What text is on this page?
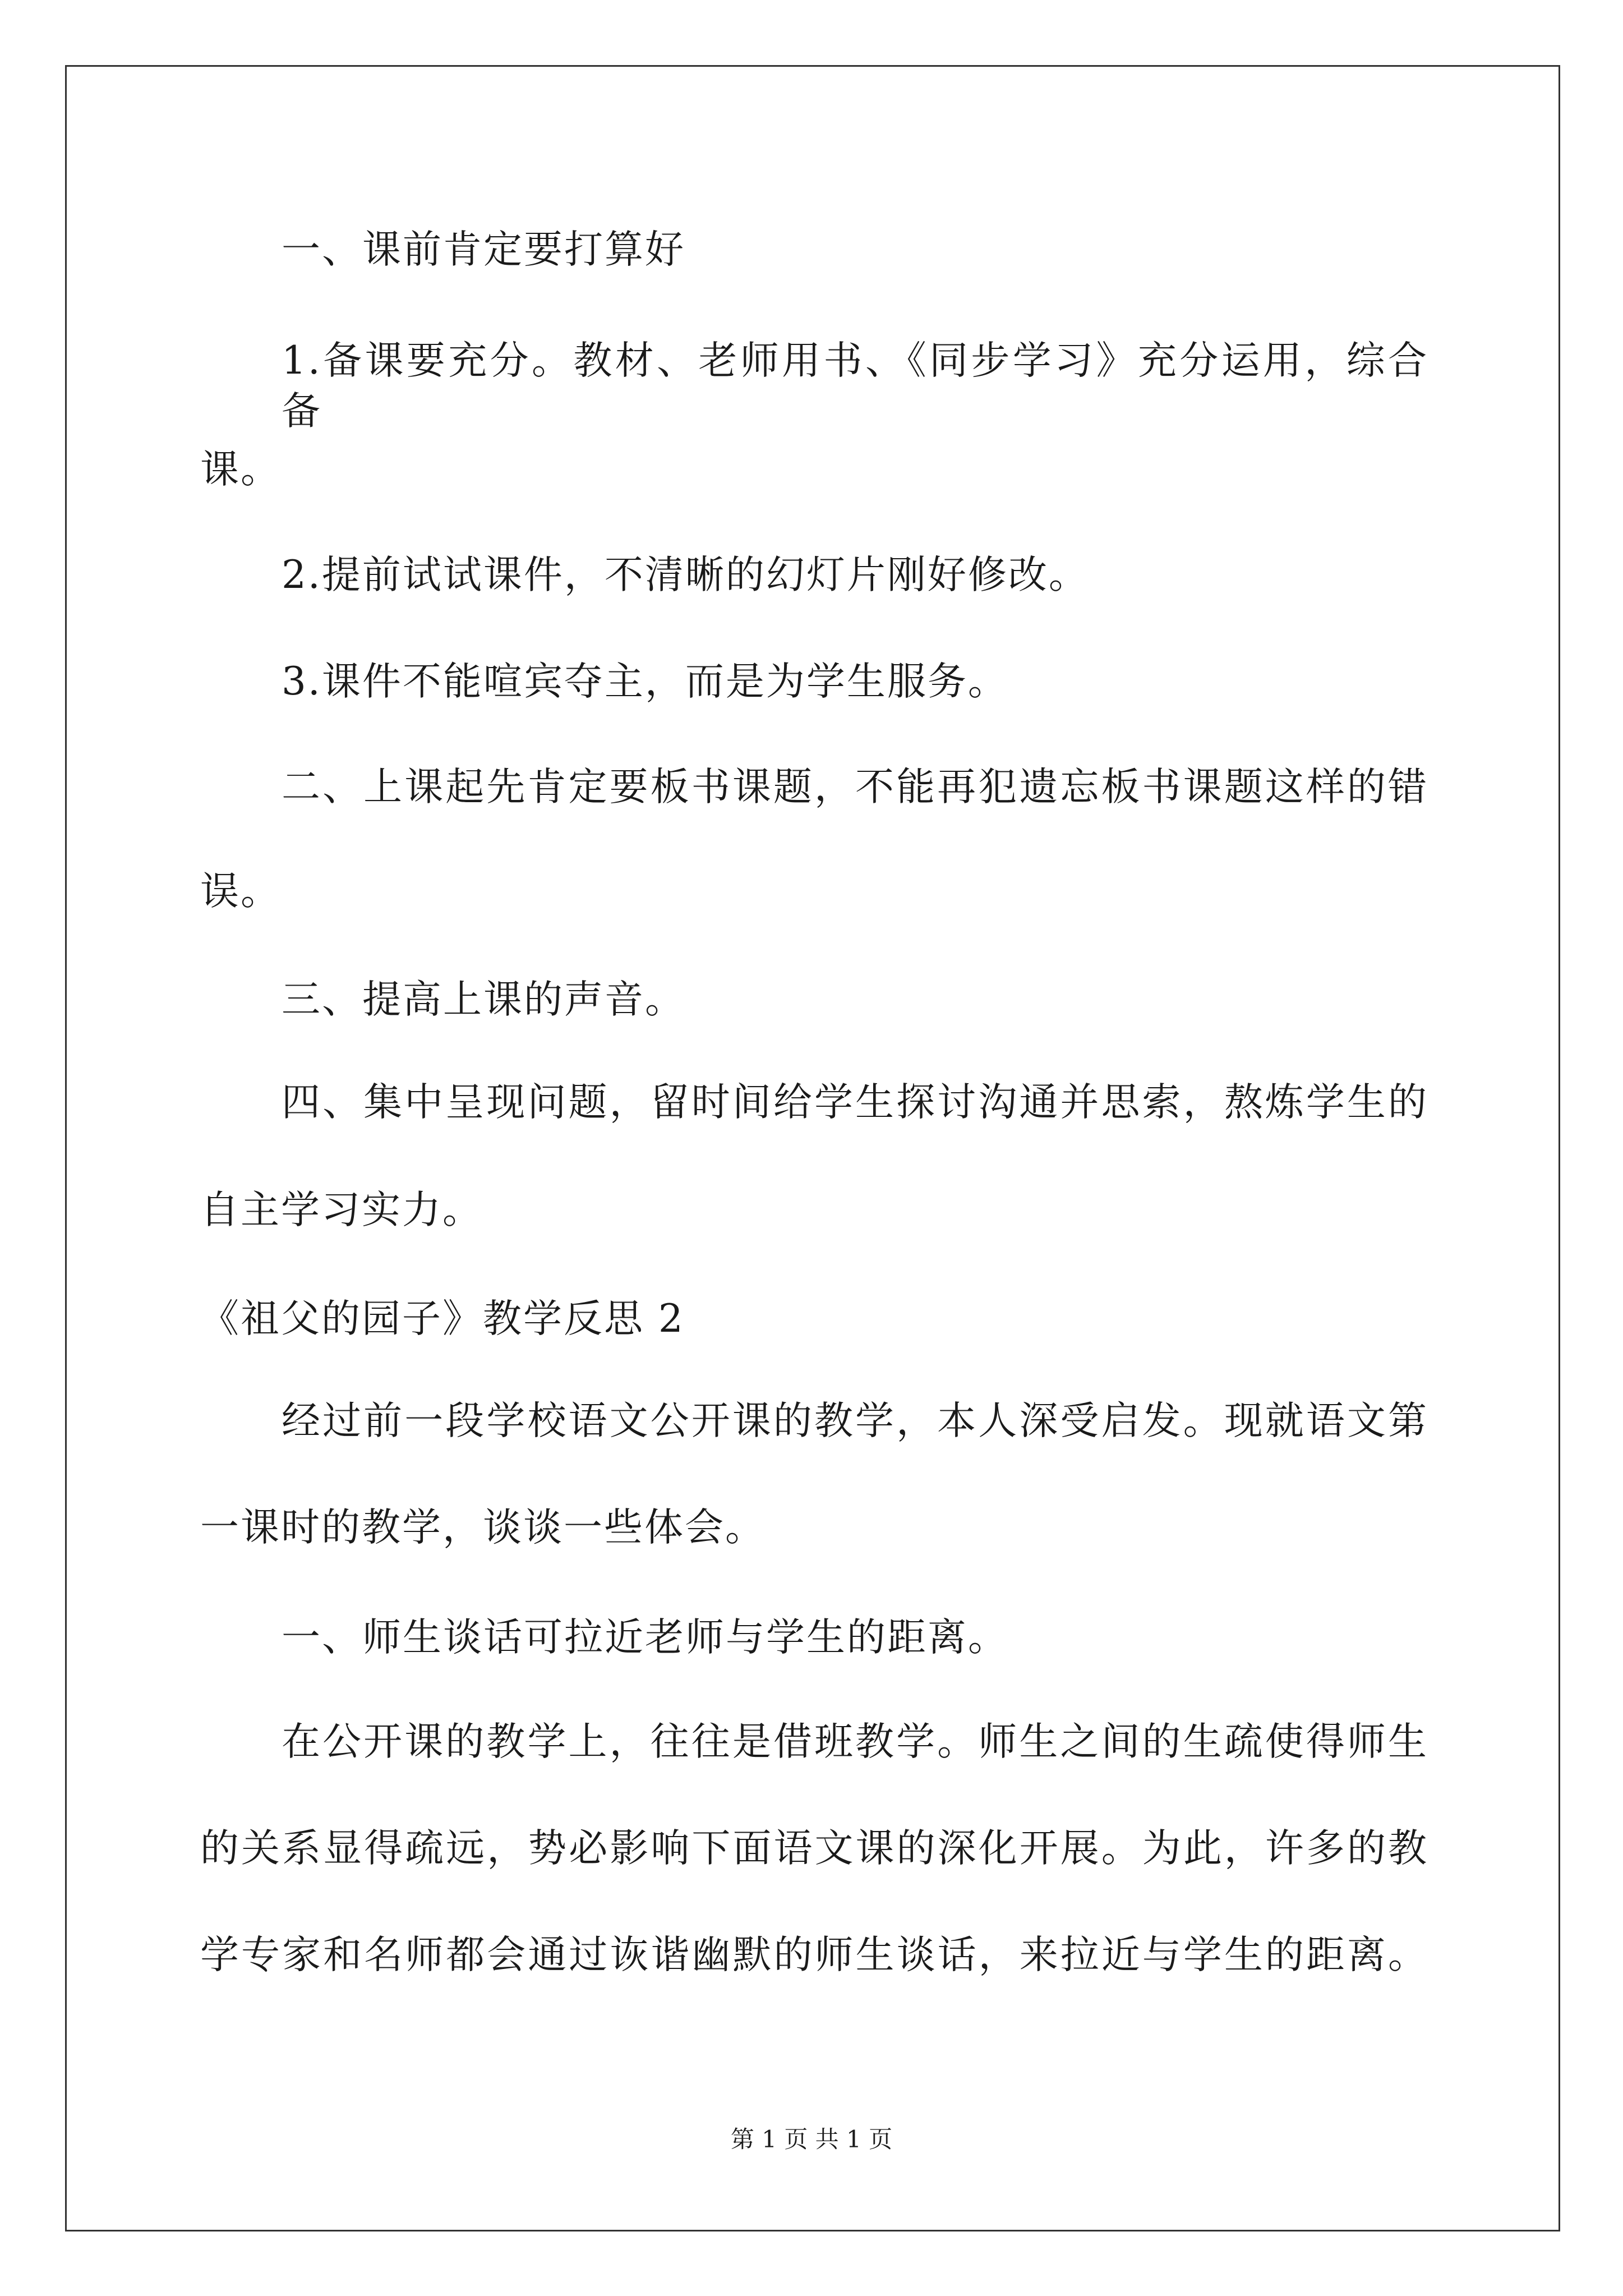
一、课前肯定要打算好
1.备课要充分。教材、老师用书、《同步学习》充分运用，综合备
课。
2.提前试试课件，不清晰的幻灯片刚好修改。
3.课件不能喧宾夺主，而是为学生服务。
二、上课起先肯定要板书课题，不能再犯遗忘板书课题这样的错
误。
三、提高上课的声音。
四、集中呈现问题，留时间给学生探讨沟通并思索，熬炼学生的
自主学习实力。
《祖父的园子》教学反思 2
经过前一段学校语文公开课的教学，本人深受启发。现就语文第
一课时的教学，谈谈一些体会。
一、师生谈话可拉近老师与学生的距离。
在公开课的教学上，往往是借班教学。师生之间的生疏使得师生
的关系显得疏远，势必影响下面语文课的深化开展。为此，许多的教
学专家和名师都会通过诙谐幽默的师生谈话，来拉近与学生的距离。
第 1 页 共 1 页
